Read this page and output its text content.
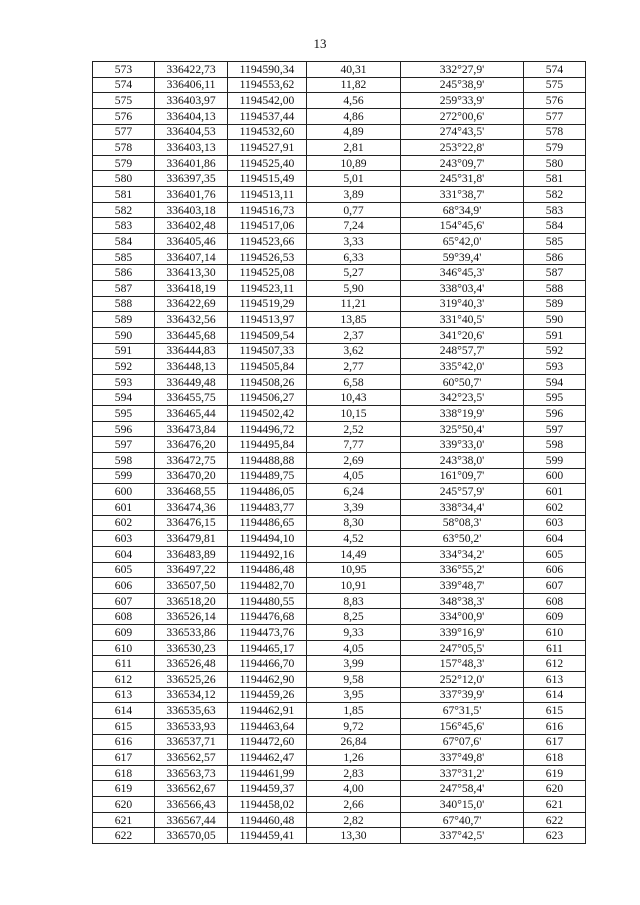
13
573	336422,73	1194590,34	40,31	332°27,9'	574
574	336406,11	1194553,62	11,82	245°38,9'	575
575	336403,97	1194542,00	4,56	259°33,9'	576
576	336404,13	1194537,44	4,86	272°00,6'	577
577	336404,53	1194532,60	4,89	274°43,5'	578
578	336403,13	1194527,91	2,81	253°22,8'	579
579	336401,86	1194525,40	10,89	243°09,7'	580
580	336397,35	1194515,49	5,01	245°31,8'	581
581	336401,76	1194513,11	3,89	331°38,7'	582
582	336403,18	1194516,73	0,77	68°34,9'	583
583	336402,48	1194517,06	7,24	154°45,6'	584
584	336405,46	1194523,66	3,33	65°42,0'	585
585	336407,14	1194526,53	6,33	59°39,4'	586
586	336413,30	1194525,08	5,27	346°45,3'	587
587	336418,19	1194523,11	5,90	338°03,4'	588
588	336422,69	1194519,29	11,21	319°40,3'	589
589	336432,56	1194513,97	13,85	331°40,5'	590
590	336445,68	1194509,54	2,37	341°20,6'	591
591	336444,83	1194507,33	3,62	248°57,7'	592
592	336448,13	1194505,84	2,77	335°42,0'	593
593	336449,48	1194508,26	6,58	60°50,7'	594
594	336455,75	1194506,27	10,43	342°23,5'	595
595	336465,44	1194502,42	10,15	338°19,9'	596
596	336473,84	1194496,72	2,52	325°50,4'	597
597	336476,20	1194495,84	7,77	339°33,0'	598
598	336472,75	1194488,88	2,69	243°38,0'	599
599	336470,20	1194489,75	4,05	161°09,7'	600
600	336468,55	1194486,05	6,24	245°57,9'	601
601	336474,36	1194483,77	3,39	338°34,4'	602
602	336476,15	1194486,65	8,30	58°08,3'	603
603	336479,81	1194494,10	4,52	63°50,2'	604
604	336483,89	1194492,16	14,49	334°34,2'	605
605	336497,22	1194486,48	10,95	336°55,2'	606
606	336507,50	1194482,70	10,91	339°48,7'	607
607	336518,20	1194480,55	8,83	348°38,3'	608
608	336526,14	1194476,68	8,25	334°00,9'	609
609	336533,86	1194473,76	9,33	339°16,9'	610
610	336530,23	1194465,17	4,05	247°05,5'	611
611	336526,48	1194466,70	3,99	157°48,3'	612
612	336525,26	1194462,90	9,58	252°12,0'	613
613	336534,12	1194459,26	3,95	337°39,9'	614
614	336535,63	1194462,91	1,85	67°31,5'	615
615	336533,93	1194463,64	9,72	156°45,6'	616
616	336537,71	1194472,60	26,84	67°07,6'	617
617	336562,57	1194462,47	1,26	337°49,8'	618
618	336563,73	1194461,99	2,83	337°31,2'	619
619	336562,67	1194459,37	4,00	247°58,4'	620
620	336566,43	1194458,02	2,66	340°15,0'	621
621	336567,44	1194460,48	2,82	67°40,7'	622
622	336570,05	1194459,41	13,30	337°42,5'	623
